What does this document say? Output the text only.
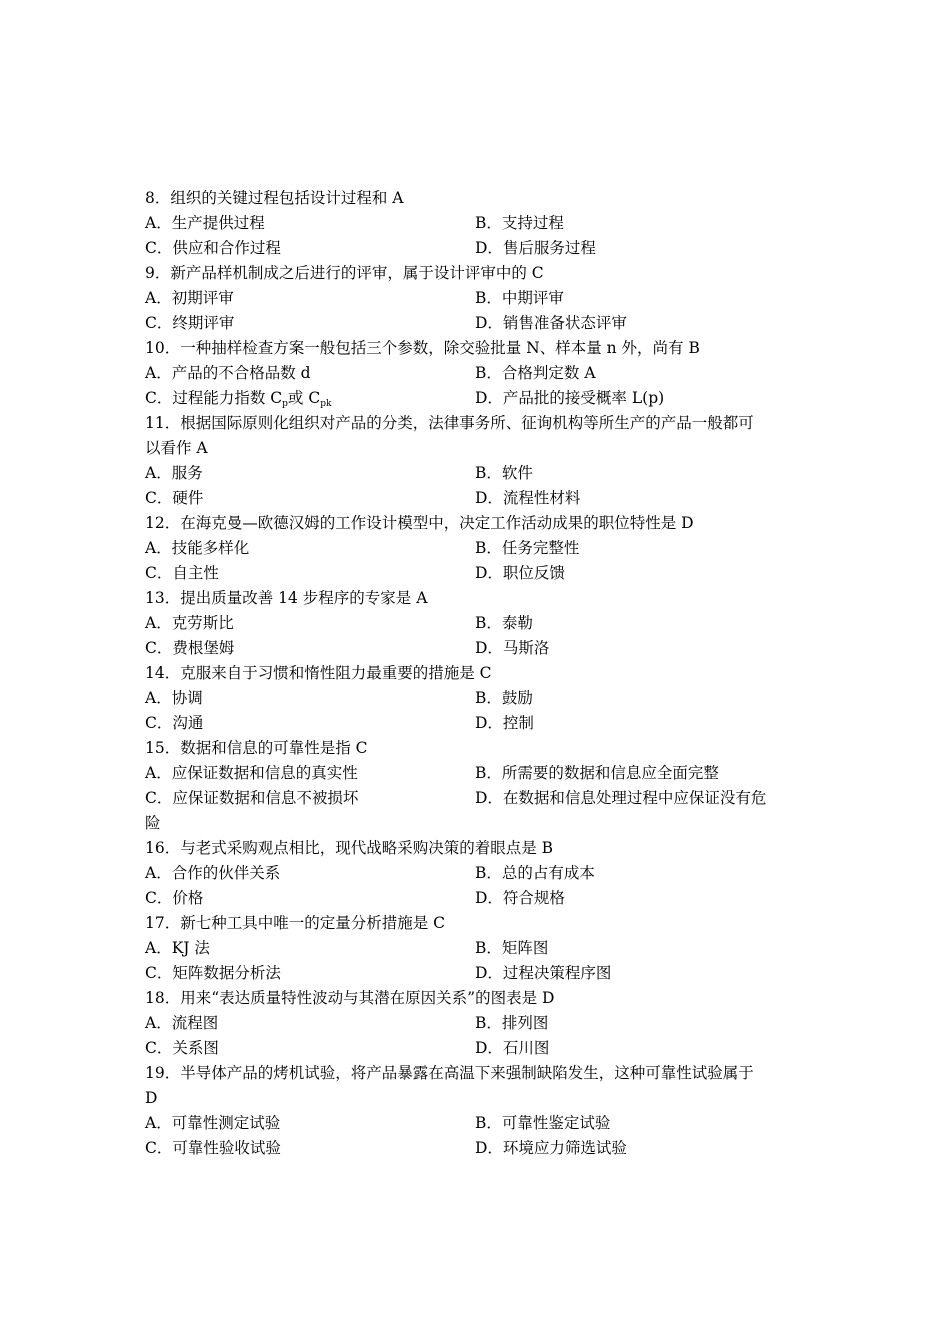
8．组织的关键过程包括设计过程和 A
A．生产提供过程	B．支持过程
C．供应和合作过程	D．售后服务过程
9．新产品样机制成之后进行的评审，属于设计评审中的 C
A．初期评审	B．中期评审
C．终期评审	D．销售准备状态评审
10．一种抽样检查方案一般包括三个参数，除交验批量 N、样本量 n 外，尚有 B
A．产品的不合格品数 d	B．合格判定数 A
C．过程能力指数 $C_p$或 $C_{pk}$	D．产品批的接受概率 L(p)
11．根据国际原则化组织对产品的分类，法律事务所、征询机构等所生产的产品一般都可
以看作 A
A．服务	B．软件
C．硬件	D．流程性材料
12．在海克曼—欧德汉姆的工作设计模型中，决定工作活动成果的职位特性是 D
A．技能多样化	B．任务完整性
C．自主性	D．职位反馈
13．提出质量改善 14 步程序的专家是 A
A．克劳斯比	B．泰勒
C．费根堡姆	D．马斯洛
14．克服来自于习惯和惰性阻力最重要的措施是 C
A．协调	B．鼓励
C．沟通	D．控制
15．数据和信息的可靠性是指 C
A．应保证数据和信息的真实性	B．所需要的数据和信息应全面完整
C．应保证数据和信息不被损坏	D．在数据和信息处理过程中应保证没有危
险
16．与老式采购观点相比，现代战略采购决策的着眼点是 B
A．合作的伙伴关系	B．总的占有成本
C．价格	D．符合规格
17．新七种工具中唯一的定量分析措施是 C
A．KJ 法	B．矩阵图
C．矩阵数据分析法	D．过程决策程序图
18．用来“表达质量特性波动与其潜在原因关系”的图表是 D
A．流程图	B．排列图
C．关系图	D．石川图
19．半导体产品的烤机试验，将产品暴露在高温下来强制缺陷发生，这种可靠性试验属于
D
A．可靠性测定试验	B．可靠性鉴定试验
C．可靠性验收试验	D．环境应力筛选试验
